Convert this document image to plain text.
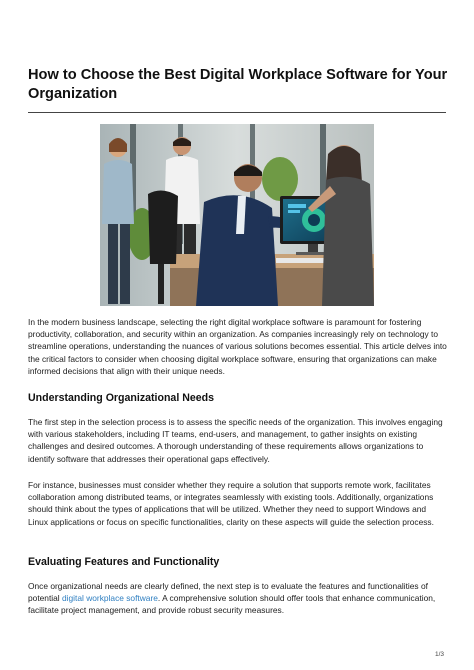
How to Choose the Best Digital Workplace Software for Your Organization

In the modern business landscape, selecting the right digital workplace software is paramount for fostering productivity, collaboration, and security within an organization. As companies increasingly rely on technology to streamline operations, understanding the nuances of various solutions becomes essential. This article delves into the critical factors to consider when choosing digital workplace software, ensuring that organizations can make informed decisions that align with their unique needs.

Understanding Organizational Needs

The first step in the selection process is to assess the specific needs of the organization. This involves engaging with various stakeholders, including IT teams, end-users, and management, to gather insights on existing challenges and desired outcomes. A thorough understanding of these requirements allows organizations to identify software that addresses their operational gaps effectively.

For instance, businesses must consider whether they require a solution that supports remote work, facilitates collaboration among distributed teams, or integrates seamlessly with existing tools. Additionally, organizations should think about the types of applications that will be utilized. Whether they need to support Windows and Linux applications or focus on specific functionalities, clarity on these aspects will guide the selection process.

Evaluating Features and Functionality

Once organizational needs are clearly defined, the next step is to evaluate the features and functionalities of potential digital workplace software. A comprehensive solution should offer tools that enhance communication, facilitate project management, and provide robust security measures.

1/3
